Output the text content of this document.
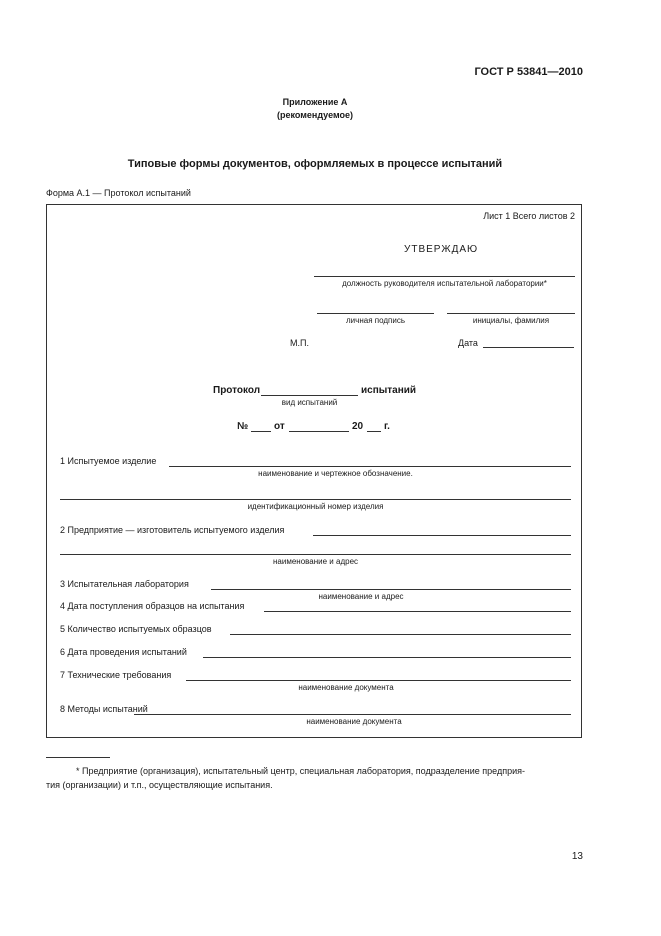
ГОСТ Р 53841—2010
Приложение А
(рекомендуемое)
Типовые формы документов, оформляемых в процессе испытаний
Форма А.1 — Протокол испытаний
Лист 1 Всего листов 2
УТВЕРЖДАЮ
должность руководителя испытательной лаборатории*
личная подпись	инициалы, фамилия
М.П.	Дата
Протокол	испытаний
вид испытаний
№	от	20 г.
1 Испытуемое изделие
наименование и чертежное обозначение.
идентификационный номер изделия
2 Предприятие — изготовитель испытуемого изделия
наименование и адрес
3 Испытательная лаборатория
наименование и адрес
4 Дата поступления образцов на испытания
5 Количество испытуемых образцов
6 Дата проведения испытаний
7 Технические требования
наименование документа
8 Методы испытаний
наименование документа
* Предприятие (организация), испытательный центр, специальная лаборатория, подразделение предприя-
тия (организации) и т.п., осуществляющие испытания.
13
